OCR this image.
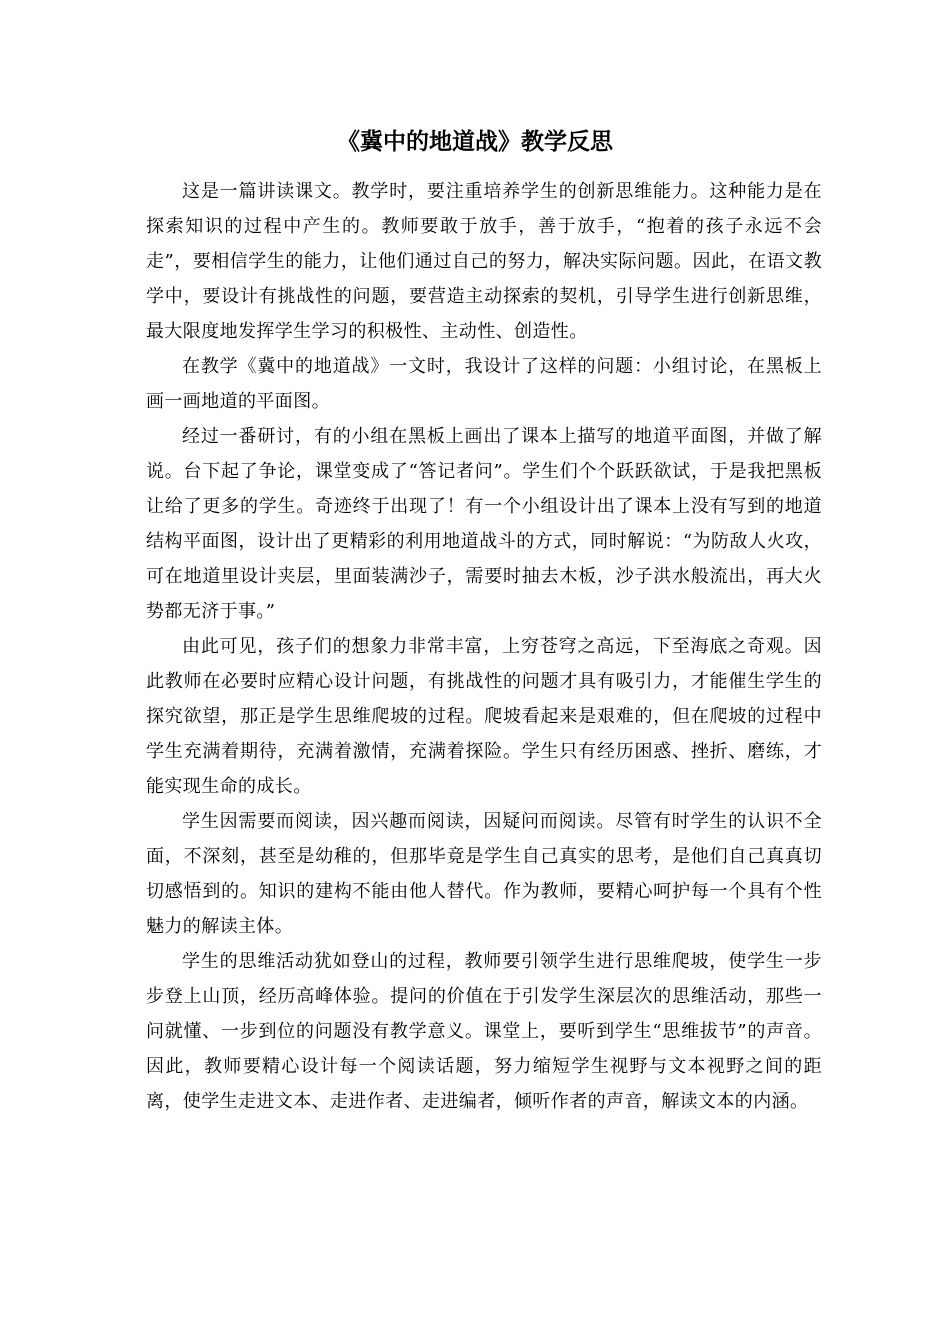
《冀中的地道战》教学反思

这是一篇讲读课文。教学时，要注重培养学生的创新思维能力。这种能力是在探索知识的过程中产生的。教师要敢于放手，善于放手，“抱着的孩子永远不会走”，要相信学生的能力，让他们通过自己的努力，解决实际问题。因此，在语文教学中，要设计有挑战性的问题，要营造主动探索的契机，引导学生进行创新思维，最大限度地发挥学生学习的积极性、主动性、创造性。

在教学《冀中的地道战》一文时，我设计了这样的问题：小组讨论，在黑板上画一画地道的平面图。

经过一番研讨，有的小组在黑板上画出了课本上描写的地道平面图，并做了解说。台下起了争论，课堂变成了“答记者问”。学生们个个跃跃欲试，于是我把黑板让给了更多的学生。奇迹终于出现了！有一个小组设计出了课本上没有写到的地道结构平面图，设计出了更精彩的利用地道战斗的方式，同时解说：“为防敌人火攻，可在地道里设计夹层，里面装满沙子，需要时抽去木板，沙子洪水般流出，再大火势都无济于事。”

由此可见，孩子们的想象力非常丰富，上穷苍穹之高远，下至海底之奇观。因此教师在必要时应精心设计问题，有挑战性的问题才具有吸引力，才能催生学生的探究欲望，那正是学生思维爬坡的过程。爬坡看起来是艰难的，但在爬坡的过程中学生充满着期待，充满着激情，充满着探险。学生只有经历困惑、挫折、磨练，才能实现生命的成长。

学生因需要而阅读，因兴趣而阅读，因疑问而阅读。尽管有时学生的认识不全面，不深刻，甚至是幼稚的，但那毕竟是学生自己真实的思考，是他们自己真真切切感悟到的。知识的建构不能由他人替代。作为教师，要精心呵护每一个具有个性魅力的解读主体。

学生的思维活动犹如登山的过程，教师要引领学生进行思维爬坡，使学生一步步登上山顶，经历高峰体验。提问的价值在于引发学生深层次的思维活动，那些一问就懂、一步到位的问题没有教学意义。课堂上，要听到学生“思维拔节”的声音。因此，教师要精心设计每一个阅读话题，努力缩短学生视野与文本视野之间的距离，使学生走进文本、走进作者、走进编者，倾听作者的声音，解读文本的内涵。
